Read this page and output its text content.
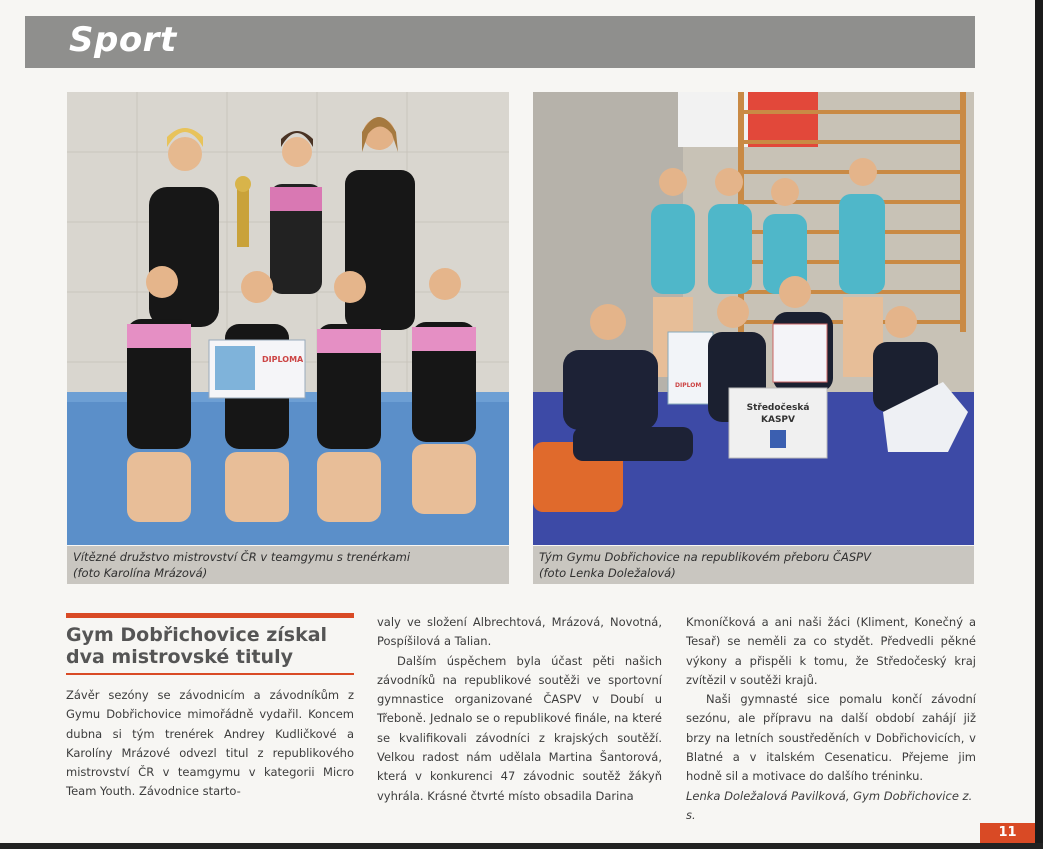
Sport
DIPLOMA
Vítězné družstvo mistrovství ČR v teamgymu s trenérkami
(foto Karolína Mrázová)
DIPLOM
Středočeská
KASPV
Tým Gymu Dobřichovice na republikovém přeboru ČASPV
(foto Lenka Doležalová)
Gym Dobřichovice získal dva mistrovské tituly

Závěr sezóny se závodnicím a závodníkům z Gymu Dobřichovice mimořádně vydařil. Koncem dubna si tým trenérek Andrey Kudličkové a Karolíny Mrázové odvezl titul z republikového mistrovství ČR v teamgymu v kategorii Micro Team Youth. Závodnice starto-

valy ve složení Albrechtová, Mrázová, Novotná, Pospíšilová a Talian.

Dalším úspěchem byla účast pěti našich závodníků na republikové soutěži ve sportovní gymnastice organizované ČASPV v Doubí u Třeboně. Jednalo se o republikové finále, na které se kvalifikovali závodníci z krajských soutěží. Velkou radost nám udělala Martina Šantorová, která v konkurenci 47 závodnic soutěž žákyň vyhrála. Krásné čtvrté místo obsadila Darina

Kmoníčková a ani naši žáci (Kliment, Konečný a Tesař) se neměli za co stydět. Předvedli pěkné výkony a přispěli k tomu, že Středočeský kraj zvítězil v soutěži krajů.

Naši gymnasté sice pomalu končí závodní sezónu, ale přípravu na další období zahájí již brzy na letních soustředěních v Dobřichovicích, v Blatné a v italském Cesenaticu. Přejeme jim hodně sil a motivace do dalšího tréninku.

Lenka Doležalová Pavilková, Gym Dobřichovice z. s.

11
